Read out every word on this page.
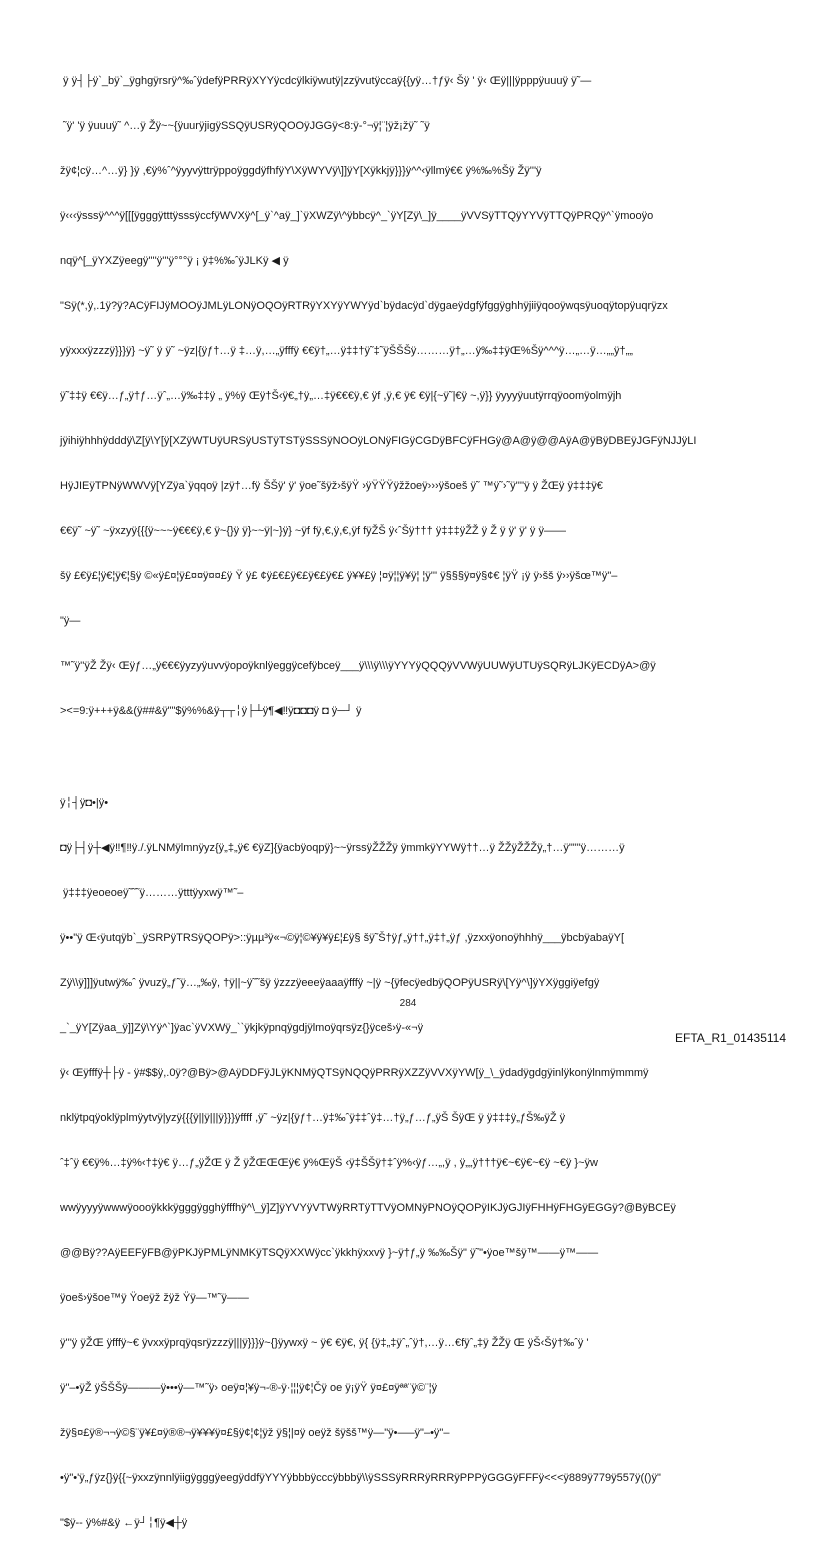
ÿ ÿ┤├ÿ`_bÿ`_ÿghgÿrsrÿ^‰ˆÿdefÿPRRÿXYYÿcdcÿlkiÿwutÿ|zzÿvutÿccaÿ{{yÿ…†ƒÿ‹ Šÿ ' ÿ‹ Œÿ|||ÿpppÿuuuÿ ÿ˜—

˜ÿ' 'ÿ ÿuuuÿ˜ ^…ÿ Žÿ~~{ÿuurÿjigÿSSQÿUSRÿQOOÿJGGÿ<8:ÿ-°¬ÿ¦¨¦ÿž¡žÿ˜ ˜ÿ

žÿ¢¦cÿ…^…ÿ} }ÿ ,€ÿ%ˆ^ÿyyvÿttrÿppoÿggdÿfhfÿY\XÿWYVÿ\]]ÿY[Xÿkkjÿ}}}ÿ^^‹ÿllmÿ€€ ÿ%‰%Šÿ Žÿ'''ÿ

ÿ‹‹‹ÿsssÿ^^^ÿ[[[ÿgggÿtttÿsssÿccfÿWVXÿ^[_ÿ`^aÿ_]`ÿXWZÿ\^ÿbbcÿ^_`ÿY[Zÿ\_]ÿ____ÿVVSÿTTQÿYYVÿTTQÿPRQÿ^`ÿmooÿo

nqÿ^[_ÿYXZÿeegÿ''''ÿ'''ÿ°°°ÿ ¡ ÿ‡%‰ˆÿJLKÿ ◀ ÿ

"Sÿ(*,ÿ,.1ÿ?ÿ?ACÿFIJÿMOOÿJMLÿLONÿOQOÿRTRÿYXYÿYWYÿd`bÿdacÿd`dÿgaeÿdgfÿfggÿghhÿjiiÿqooÿwqsÿuoqÿtopÿuqrÿzx

yÿxxxÿzzzÿ}}}ÿ} ~ÿ˜ ÿ ÿ˜ ~ÿz|{ÿƒ†…ÿ ‡…ÿ,…„ÿfffÿ €€ÿ†„…ÿ‡‡†ÿ˜‡˜ÿŠŠŠÿ………ÿ†„…ÿ‰‡‡ÿŒ%Šÿ^^^ÿ…„…ÿ…„„ÿ†„„

ÿ˜‡‡ÿ €€ÿ…ƒ„ÿ†ƒ…ÿˆ„…ÿ‰‡‡ÿ „ ÿ%ÿ Œÿ†Š‹ÿ€„†ÿ„…‡ÿ€€€ÿ,€ ÿf ,ÿ,€ ÿ€ €ÿ|{~ÿ˜|€ÿ ~,ÿ}} ÿyyyÿuutÿrrqÿoomÿolmÿjh

jÿihiÿhhhÿdddÿ\Z[ÿ\Y[ÿ[XZÿWTUÿURSÿUSTÿTSTÿSSSÿNOOÿLONÿFIGÿCGDÿBFCÿFHGÿ@A@ÿ@@AÿA@ÿBÿDBEÿJGFÿNJJÿLI

HÿJIEÿTPNÿWWVÿ[YZÿa`ÿqqoÿ |zÿ†…fÿ ŠŠÿ' ÿ' ÿoe˜šÿž›šÿŸ ›ÿŸŸŸÿžžoeÿ›››ÿšoeš ÿ˜ ™ÿ˜›˜ÿ''''ÿ ÿ ŽŒÿ ÿ‡‡‡ÿ€

€€ÿ˜ ~ÿ˜ ~ÿxzyÿ{{{ÿ~~~ÿ€€€ÿ,€ ÿ~{}ÿ ÿ}~~ÿ|~}ÿ} ~ÿf fÿ,€,ÿ,€,ÿf fÿŽŠ ÿ‹ˆŠÿ††† ÿ‡‡‡ÿŽŽ ÿ Ž ÿ ÿ' ÿ' ÿ ÿ——

šÿ £€ÿ£¦ÿ€¦ÿ€¦§ÿ ©«ÿ£¤¦ÿ£¤¤ÿ¤¤£ÿ Ÿ ÿ£ ¢ÿ£€£ÿ€£ÿ€£ÿ€£ ÿ¥¥£ÿ ¦¤ÿ¦¦ÿ¥ÿ¦ ¦ÿ''' ÿ§§§ÿ¤ÿ§¢€ ¦ÿŸ ¡ÿ ÿ›šš ÿ››ÿšœ™ÿ"–

"ÿ—

™˜ÿ''ÿŽ Žÿ‹ Œÿƒ…„ÿ€€€ÿyzyÿuvvÿopoÿknlÿeggÿcefÿbceÿ___ÿ\\\ÿ\\\ÿYYYÿQQQÿVVWÿUUWÿUTUÿSQRÿLJKÿECDÿA>@ÿ

><=9:ÿ+++ÿ&&(ÿ##&ÿ""$ÿ%%&ÿ┬┬╎ÿ├┴ÿ¶◀‼ÿ◘◘◘ÿ ◘ ÿ─┘ ÿ

ÿ╎┤ÿ◘•|ÿ•

◘ÿ├┤ÿ┼◀ÿ‼¶‼ÿ./.ÿLNMÿlmnÿyz{ÿ„‡„ÿ€ €ÿZ]{ÿacbÿoqpÿ}~~ÿrssÿŽŽŽÿ ÿmmkÿYYWÿ††…ÿ ŽŽÿŽŽŽÿ„†…ÿ"""ÿ………ÿ

ÿ‡‡‡ÿeoeoeÿ˜˜˜ÿ………ÿtttÿyxwÿ™˜–

ÿ••"ÿ Œ‹ÿutqÿb`_ÿSRPÿTRSÿQOPÿ>::ÿµµ³ÿ«¬©ÿ¦©¥ÿ¥ÿ£¦£ÿ§ šÿ˜Š†ÿƒ„ÿ††„ÿ‡†„ÿƒ ,ÿzxxÿonoÿhhhÿ___ÿbcbÿabaÿY[

Zÿ\\ÿ]]]ÿutwÿ‰ˆ ÿvuzÿ„ƒ˜ÿ…„‰ÿ, †ÿ||~ÿ˜˜šÿ ÿzzzÿeeeÿaaaÿfffÿ ~|ÿ ~{ÿfecÿedbÿQOPÿUSRÿ\[Yÿ^\]ÿYXÿggiÿefgÿ

_`_ÿY[Zÿaa_ÿ]]Zÿ\Yÿ^`]ÿac`ÿVXWÿ_``ÿkjkÿpnqÿgdjÿlmoÿqrsÿz{}ÿceš›ÿ-«¬ÿ

ÿ‹ Œÿfffÿ┼├ÿ - ÿ#$$ÿ,.0ÿ?@Bÿ>@AÿDDFÿJLÿKNMÿQTSÿNQQÿPRRÿXZZÿVVXÿYW[ÿ_\_ÿdadÿgdgÿinlÿkonÿlnmÿmmmÿ

nklÿtpqÿoklÿplmÿytvÿ|yzÿ{{{ÿ||ÿ|||ÿ}}}ÿffff ,ÿ˜ ~ÿz|{ÿƒ†…ÿ‡‰ˆÿ‡‡ˆÿ‡…†ÿ„ƒ…ƒ„ÿŠ ŠÿŒ ÿ ÿ‡‡‡ÿ„ƒŠ‰ÿŽ ÿ

ˆ‡ˆÿ €€ÿ%…‡ÿ%‹†‡ÿ€ ÿ…ƒ„ÿŽŒ ÿ Ž ÿŽŒŒŒÿ€ ÿ%ŒÿŠ ‹ÿ‡ŠŠÿ†‡ˆÿ%‹ÿƒ…„,ÿ , ÿ„„ÿ†††ÿ€~€ÿ€~€ÿ ~€ÿ }~ÿw

wwÿyyyÿwwwÿoooÿkkkÿgggÿgghÿfffhÿ^\_ÿ]Z]ÿYVYÿVTWÿRRTÿTTVÿOMNÿPNOÿQOPÿIKJÿGJIÿFHHÿFHGÿEGGÿ?@BÿBCEÿ

@@Bÿ??AÿEEFÿFB@ÿPKJÿPMLÿNMKÿTSQÿXXWÿcc`ÿkkhÿxxvÿ }~ÿ†ƒ„ÿ ‰‰Šÿ" ÿ˜"•ÿoe™šÿ™——ÿ™——

ÿoeš›ÿšoe™ÿ Ÿoeÿž žÿž Ÿÿ—™˜ÿ——

ÿ'''ÿ ÿŽŒ ÿfffÿ~€ ÿvxxÿprqÿqsrÿzzzÿ|||ÿ}}}ÿ~{}ÿywxÿ ~ ÿ€ €ÿ€, ÿ{ {ÿ‡„‡ÿˆ„ˆÿ†,…ÿ…€fÿˆ„‡ÿ ŽŽÿ Œ ÿŠ‹Šÿ†‰ˆÿ '

ÿ"–•ÿŽ ÿŠŠŠÿ———ÿ•••ÿ—™˜ÿ› oeÿ¤¦¥ÿ¬-®-ÿ·¦¦¦ÿ¢¦Čÿ oe ÿ¡ÿŸ ÿ¤£¤ÿªª¨ÿ©¨¦ÿ

žÿ§¤£ÿ®¬¬ÿ©§¨ÿ¥£¤ÿ®®¬ÿ¥¥¥ÿ¤£§ÿ¢¦¢¦ÿž ÿ§¦|¤ÿ oeÿž šÿšš™ÿ—"ÿ•—–ÿ"–•ÿ"–

•ÿ"•'ÿ„ƒÿz{}ÿ{{~ÿxxzÿnnlÿiigÿgggÿeegÿddfÿYYYÿbbbÿcccÿbbbÿ\\ÿSSSÿRRRÿRRRÿPPPÿGGGÿFFFÿ<<<ÿ889ÿ779ÿ557ÿ(()ÿ"

"$ÿ-- ÿ%#&ÿ ←ÿ┘╎¶ÿ◀┼ÿ

284
EFTA_R1_01435114
